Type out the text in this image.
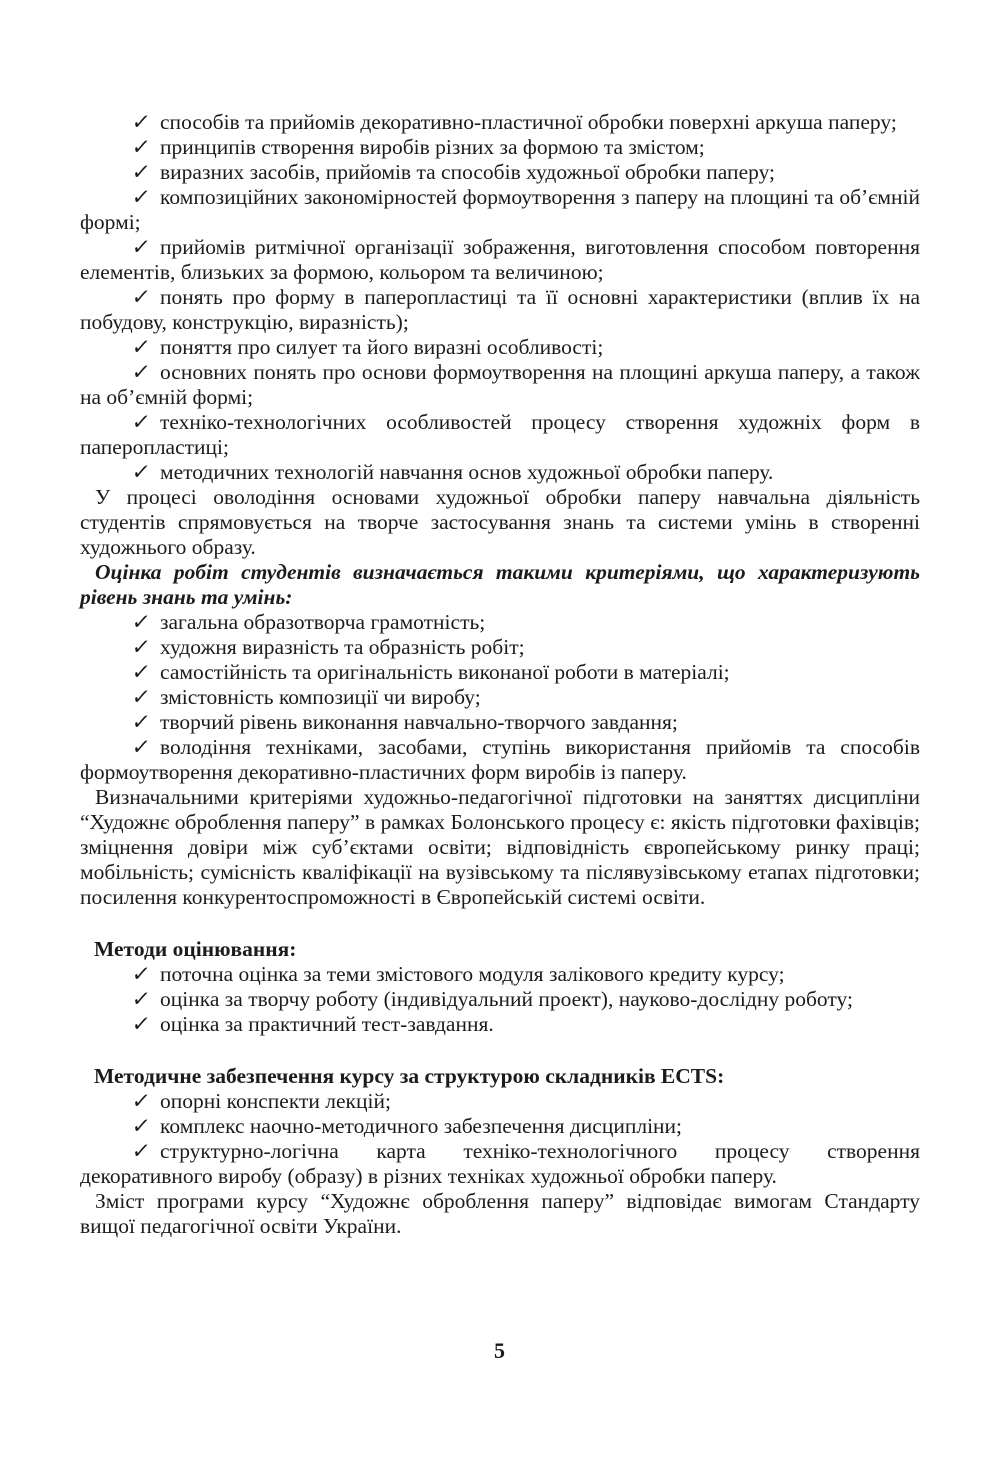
✓ способів та прийомів декоративно-пластичної обробки поверхні аркуша паперу;

✓ принципів створення виробів різних за формою та змістом;

✓ виразних засобів, прийомів та способів художньої обробки паперу;

✓ композиційних закономірностей формоутворення з паперу на площині та об’ємній формі;

✓ прийомів ритмічної організації зображення, виготовлення способом повторення елементів, близьких за формою, кольором та величиною;

✓ понять про форму в паперопластиці та її основні характеристики (вплив їх на побудову, конструкцію, виразність);

✓ поняття про силует та його виразні особливості;

✓ основних понять про основи формоутворення на площині аркуша паперу, а також на об’ємній формі;

✓ техніко-технологічних особливостей процесу створення художніх форм в паперопластиці;

✓ методичних технологій навчання основ художньої обробки паперу.

У процесі оволодіння основами художньої обробки паперу навчальна діяльність студентів спрямовується на творче застосування знань та системи умінь в створенні художнього образу.

Оцінка робіт студентів визначається такими критеріями, що характеризують рівень знань та умінь:

✓ загальна образотворча грамотність;

✓ художня виразність та образність робіт;

✓ самостійність та оригінальність виконаної роботи в матеріалі;

✓ змістовність композиції чи виробу;

✓ творчий рівень виконання навчально-творчого завдання;

✓ володіння техніками, засобами, ступінь використання прийомів та способів формоутворення декоративно-пластичних форм виробів із паперу.

Визначальними критеріями художньо-педагогічної підготовки на заняттях дисципліни “Художнє оброблення паперу” в рамках Болонського процесу є: якість підготовки фахівців; зміцнення довіри між суб’єктами освіти; відповідність європейському ринку праці; мобільність; сумісність кваліфікації на вузівському та післявузівському етапах підготовки; посилення конкурентоспроможності в Європейській системі освіти.

Методи оцінювання:

✓ поточна оцінка за теми змістового модуля залікового кредиту курсу;

✓ оцінка за творчу роботу (індивідуальний проект), науково-дослідну роботу;

✓ оцінка за практичний тест-завдання.

Методичне забезпечення курсу за структурою складників ECTS:

✓ опорні конспекти лекцій;

✓ комплекс наочно-методичного забезпечення дисципліни;

✓ структурно-логічна карта техніко-технологічного процесу створення декоративного виробу (образу) в різних техніках художньої обробки паперу.

Зміст програми курсу “Художнє оброблення паперу” відповідає вимогам Стандарту вищої педагогічної освіти України.

5
